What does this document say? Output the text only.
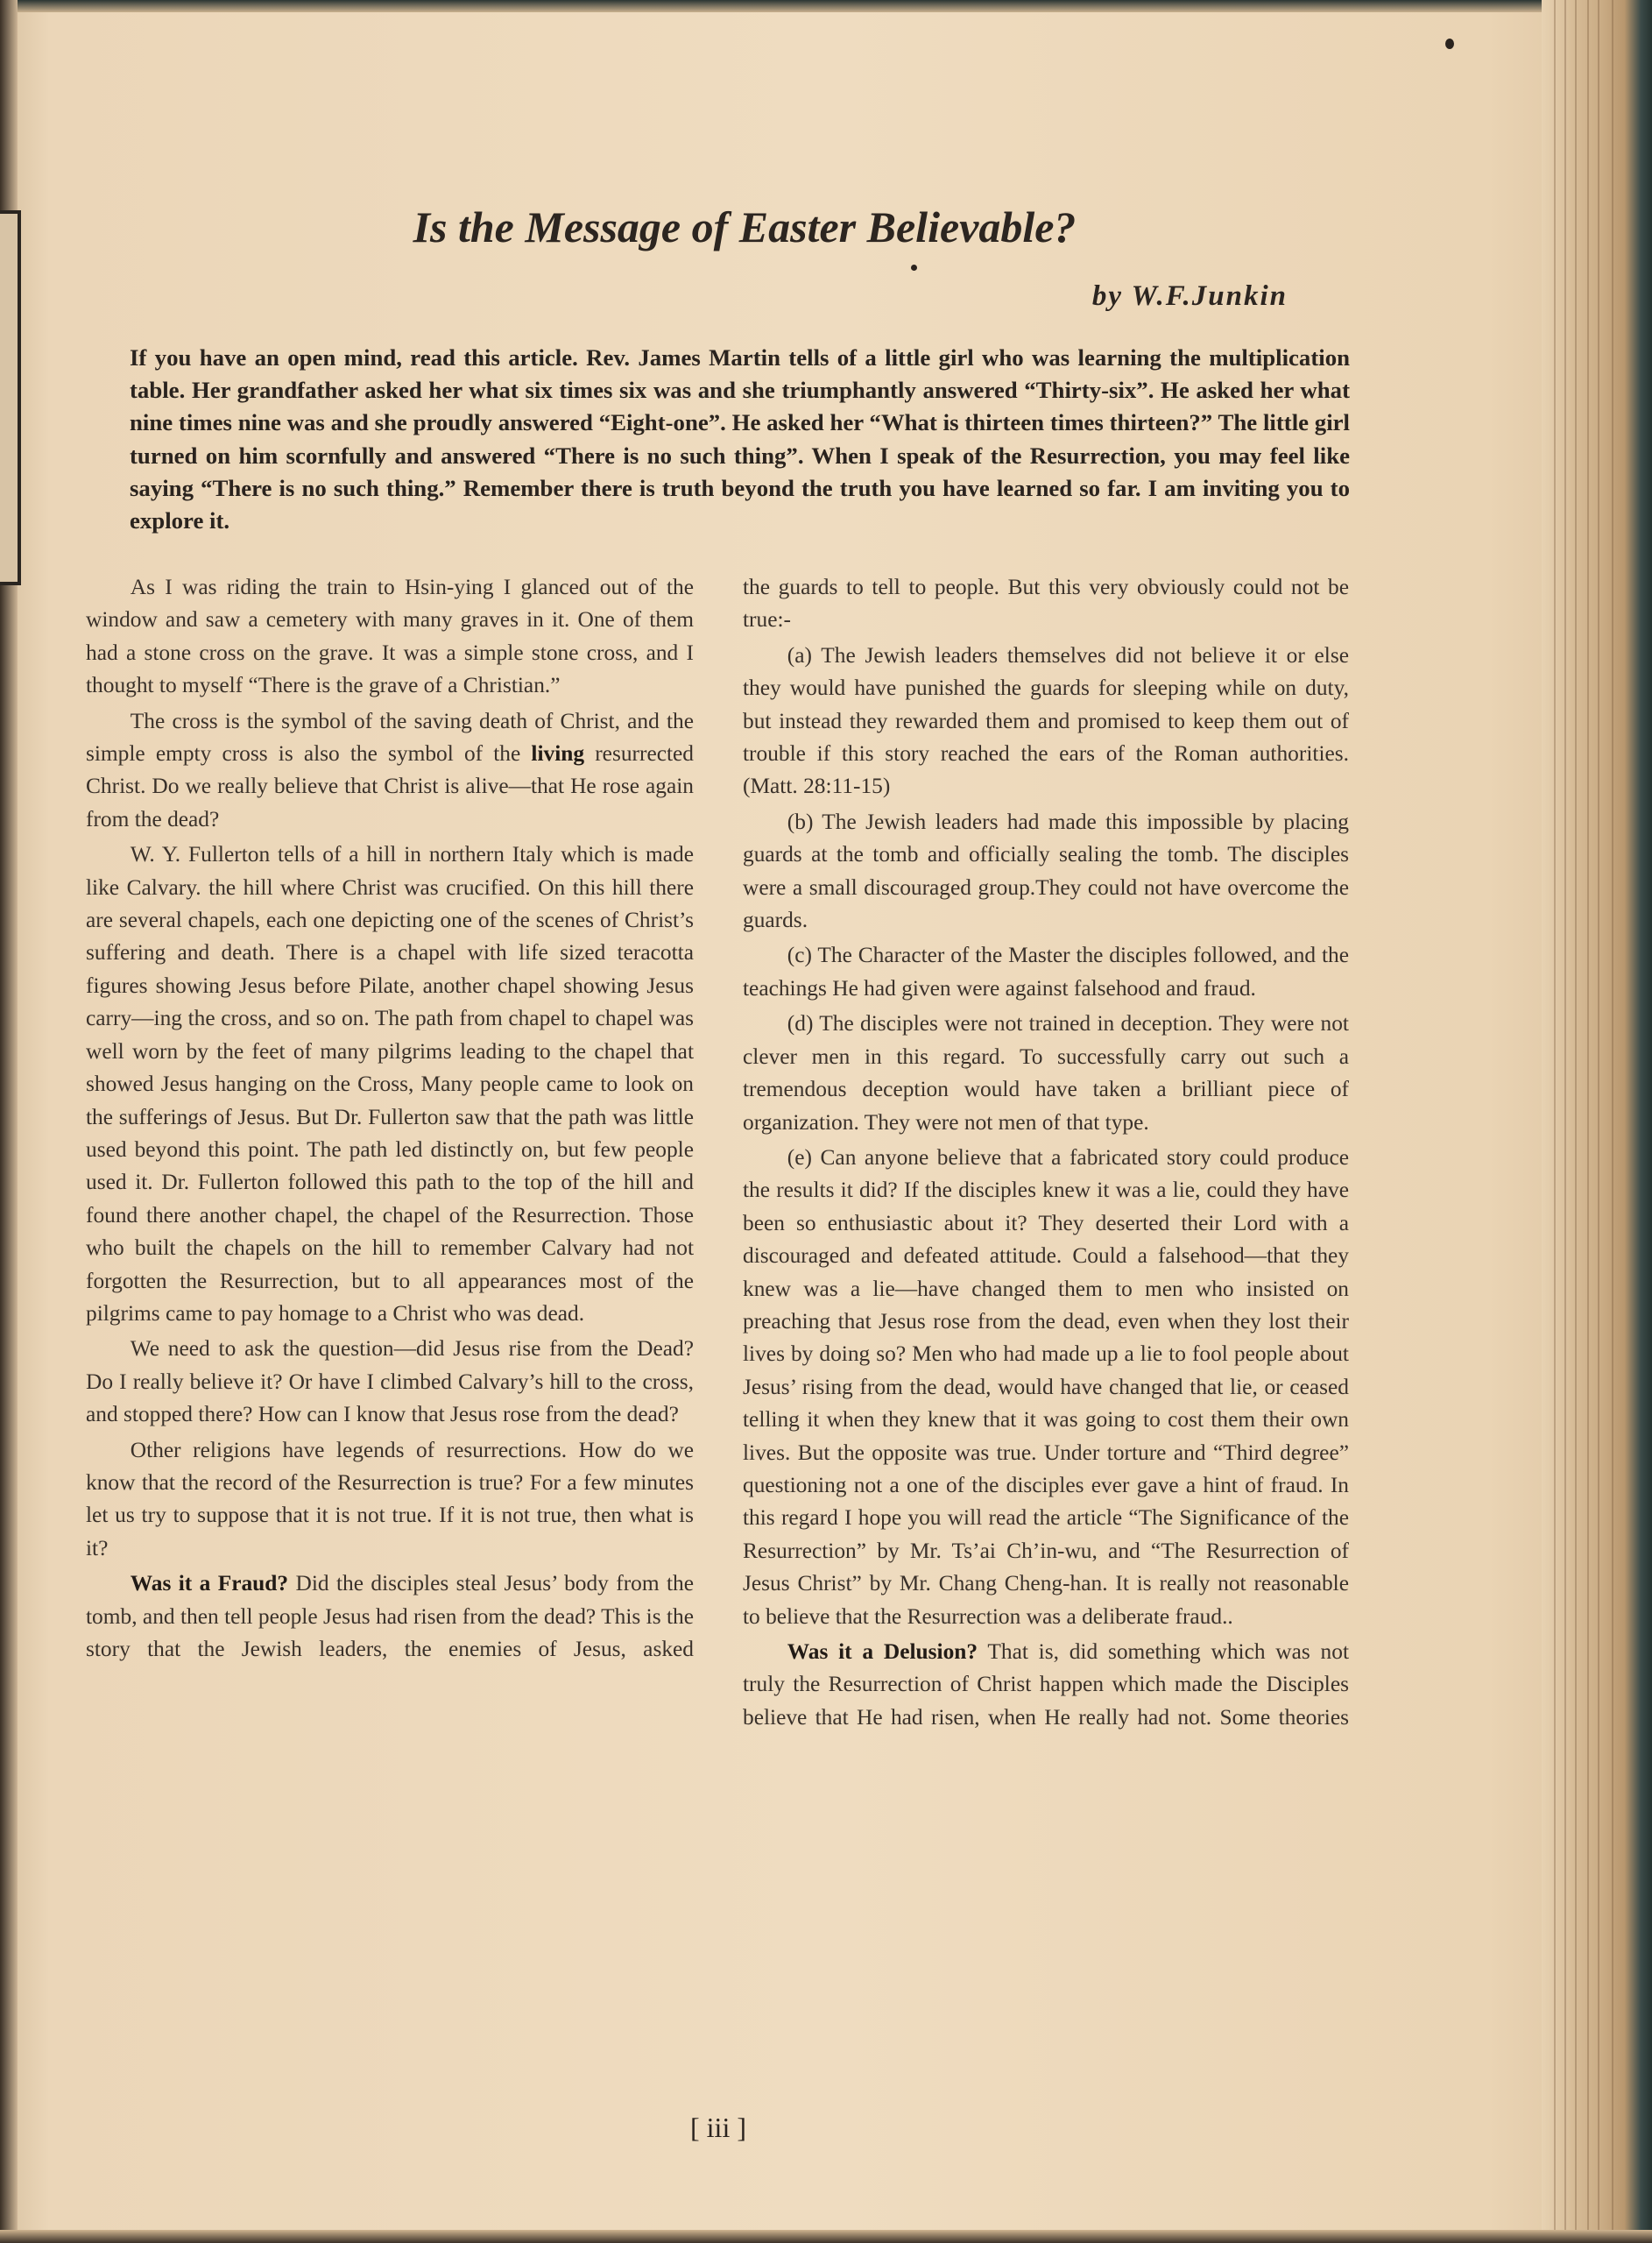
Is the Message of Easter Believable?
by W.F.Junkin
If you have an open mind, read this article. Rev. James Martin tells of a little girl who was learning the multiplication table. Her grandfather asked her what six times six was and she triumphantly answered “Thirty-six”. He asked her what nine times nine was and she proudly answered “Eight-one”. He asked her “What is thirteen times thirteen?” The little girl turned on him scornfully and answered “There is no such thing”. When I speak of the Resurrection, you may feel like saying “There is no such thing.” Remember there is truth beyond the truth you have learned so far. I am inviting you to explore it.

As I was riding the train to Hsin-ying I glanced out of the window and saw a cemetery with many graves in it. One of them had a stone cross on the grave. It was a simple stone cross, and I thought to myself “There is the grave of a Christian.”

The cross is the symbol of the saving death of Christ, and the simple empty cross is also the symbol of the living resurrected Christ. Do we really believe that Christ is alive—that He rose again from the dead?

W. Y. Fullerton tells of a hill in northern Italy which is made like Calvary. the hill where Christ was crucified. On this hill there are several chapels, each one depicting one of the scenes of Christ’s suffering and death. There is a chapel with life sized teracotta figures showing Jesus before Pilate, another chapel showing Jesus carry—ing the cross, and so on. The path from chapel to chapel was well worn by the feet of many pilgrims leading to the chapel that showed Jesus hanging on the Cross, Many people came to look on the sufferings of Jesus. But Dr. Fullerton saw that the path was little used beyond this point. The path led distinctly on, but few people used it. Dr. Fullerton followed this path to the top of the hill and found there another chapel, the chapel of the Resurrection. Those who built the chapels on the hill to remember Calvary had not forgotten the Resurrection, but to all appearances most of the pilgrims came to pay homage to a Christ who was dead.

We need to ask the question—did Jesus rise from the Dead? Do I really believe it? Or have I climbed Calvary’s hill to the cross, and stopped there? How can I know that Jesus rose from the dead?

Other religions have legends of resurrections. How do we know that the record of the Resurrection is true? For a few minutes let us try to suppose that it is not true. If it is not true, then what is it?

Was it a Fraud? Did the disciples steal Jesus’ body from the tomb, and then tell people Jesus had risen from the dead? This is the story that the Jewish leaders, the enemies of Jesus, asked

the guards to tell to people. But this very obviously could not be true:-

(a) The Jewish leaders themselves did not believe it or else they would have punished the guards for sleeping while on duty, but instead they rewarded them and promised to keep them out of trouble if this story reached the ears of the Roman authorities. (Matt. 28:11-15)

(b) The Jewish leaders had made this impossible by placing guards at the tomb and officially sealing the tomb. The disciples were a small discouraged group.They could not have overcome the guards.

(c) The Character of the Master the disciples followed, and the teachings He had given were against falsehood and fraud.

(d) The disciples were not trained in deception. They were not clever men in this regard. To successfully carry out such a tremendous deception would have taken a brilliant piece of organization. They were not men of that type.

(e) Can anyone believe that a fabricated story could produce the results it did? If the disciples knew it was a lie, could they have been so enthusiastic about it? They deserted their Lord with a discouraged and defeated attitude. Could a falsehood—that they knew was a lie—have changed them to men who insisted on preaching that Jesus rose from the dead, even when they lost their lives by doing so? Men who had made up a lie to fool people about Jesus’ rising from the dead, would have changed that lie, or ceased telling it when they knew that it was going to cost them their own lives. But the opposite was true. Under torture and “Third degree” questioning not a one of the disciples ever gave a hint of fraud. In this regard I hope you will read the article “The Significance of the Resurrection” by Mr. Ts’ai Ch’in-wu, and “The Resurrection of Jesus Christ” by Mr. Chang Cheng-han. It is really not reasonable to believe that the Resurrection was a deliberate fraud..

Was it a Delusion? That is, did something which was not truly the Resurrection of Christ happen which made the Disciples believe that He had risen, when He really had not. Some theories

[ iii ]
